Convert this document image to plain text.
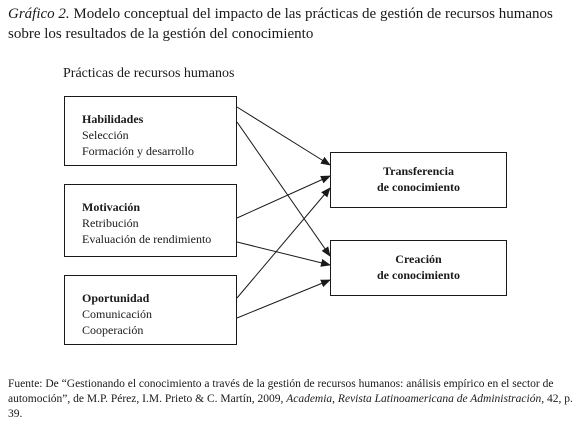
Gráfico 2. Modelo conceptual del impacto de las prácticas de gestión de recursos humanos sobre los resultados de la gestión del conocimiento
Prácticas de recursos humanos
Habilidades
Selección
Formación y desarrollo
Motivación
Retribución
Evaluación de rendimiento
Oportunidad
Comunicación
Cooperación
Transferencia
de conocimiento
Creación
de conocimiento
Fuente: De “Gestionando el conocimiento a través de la gestión de recursos humanos: análisis empírico en el sector de automoción”, de M.P. Pérez, I.M. Prieto & C. Martín, 2009, Academia, Revista Latinoamericana de Administración, 42, p. 39.
